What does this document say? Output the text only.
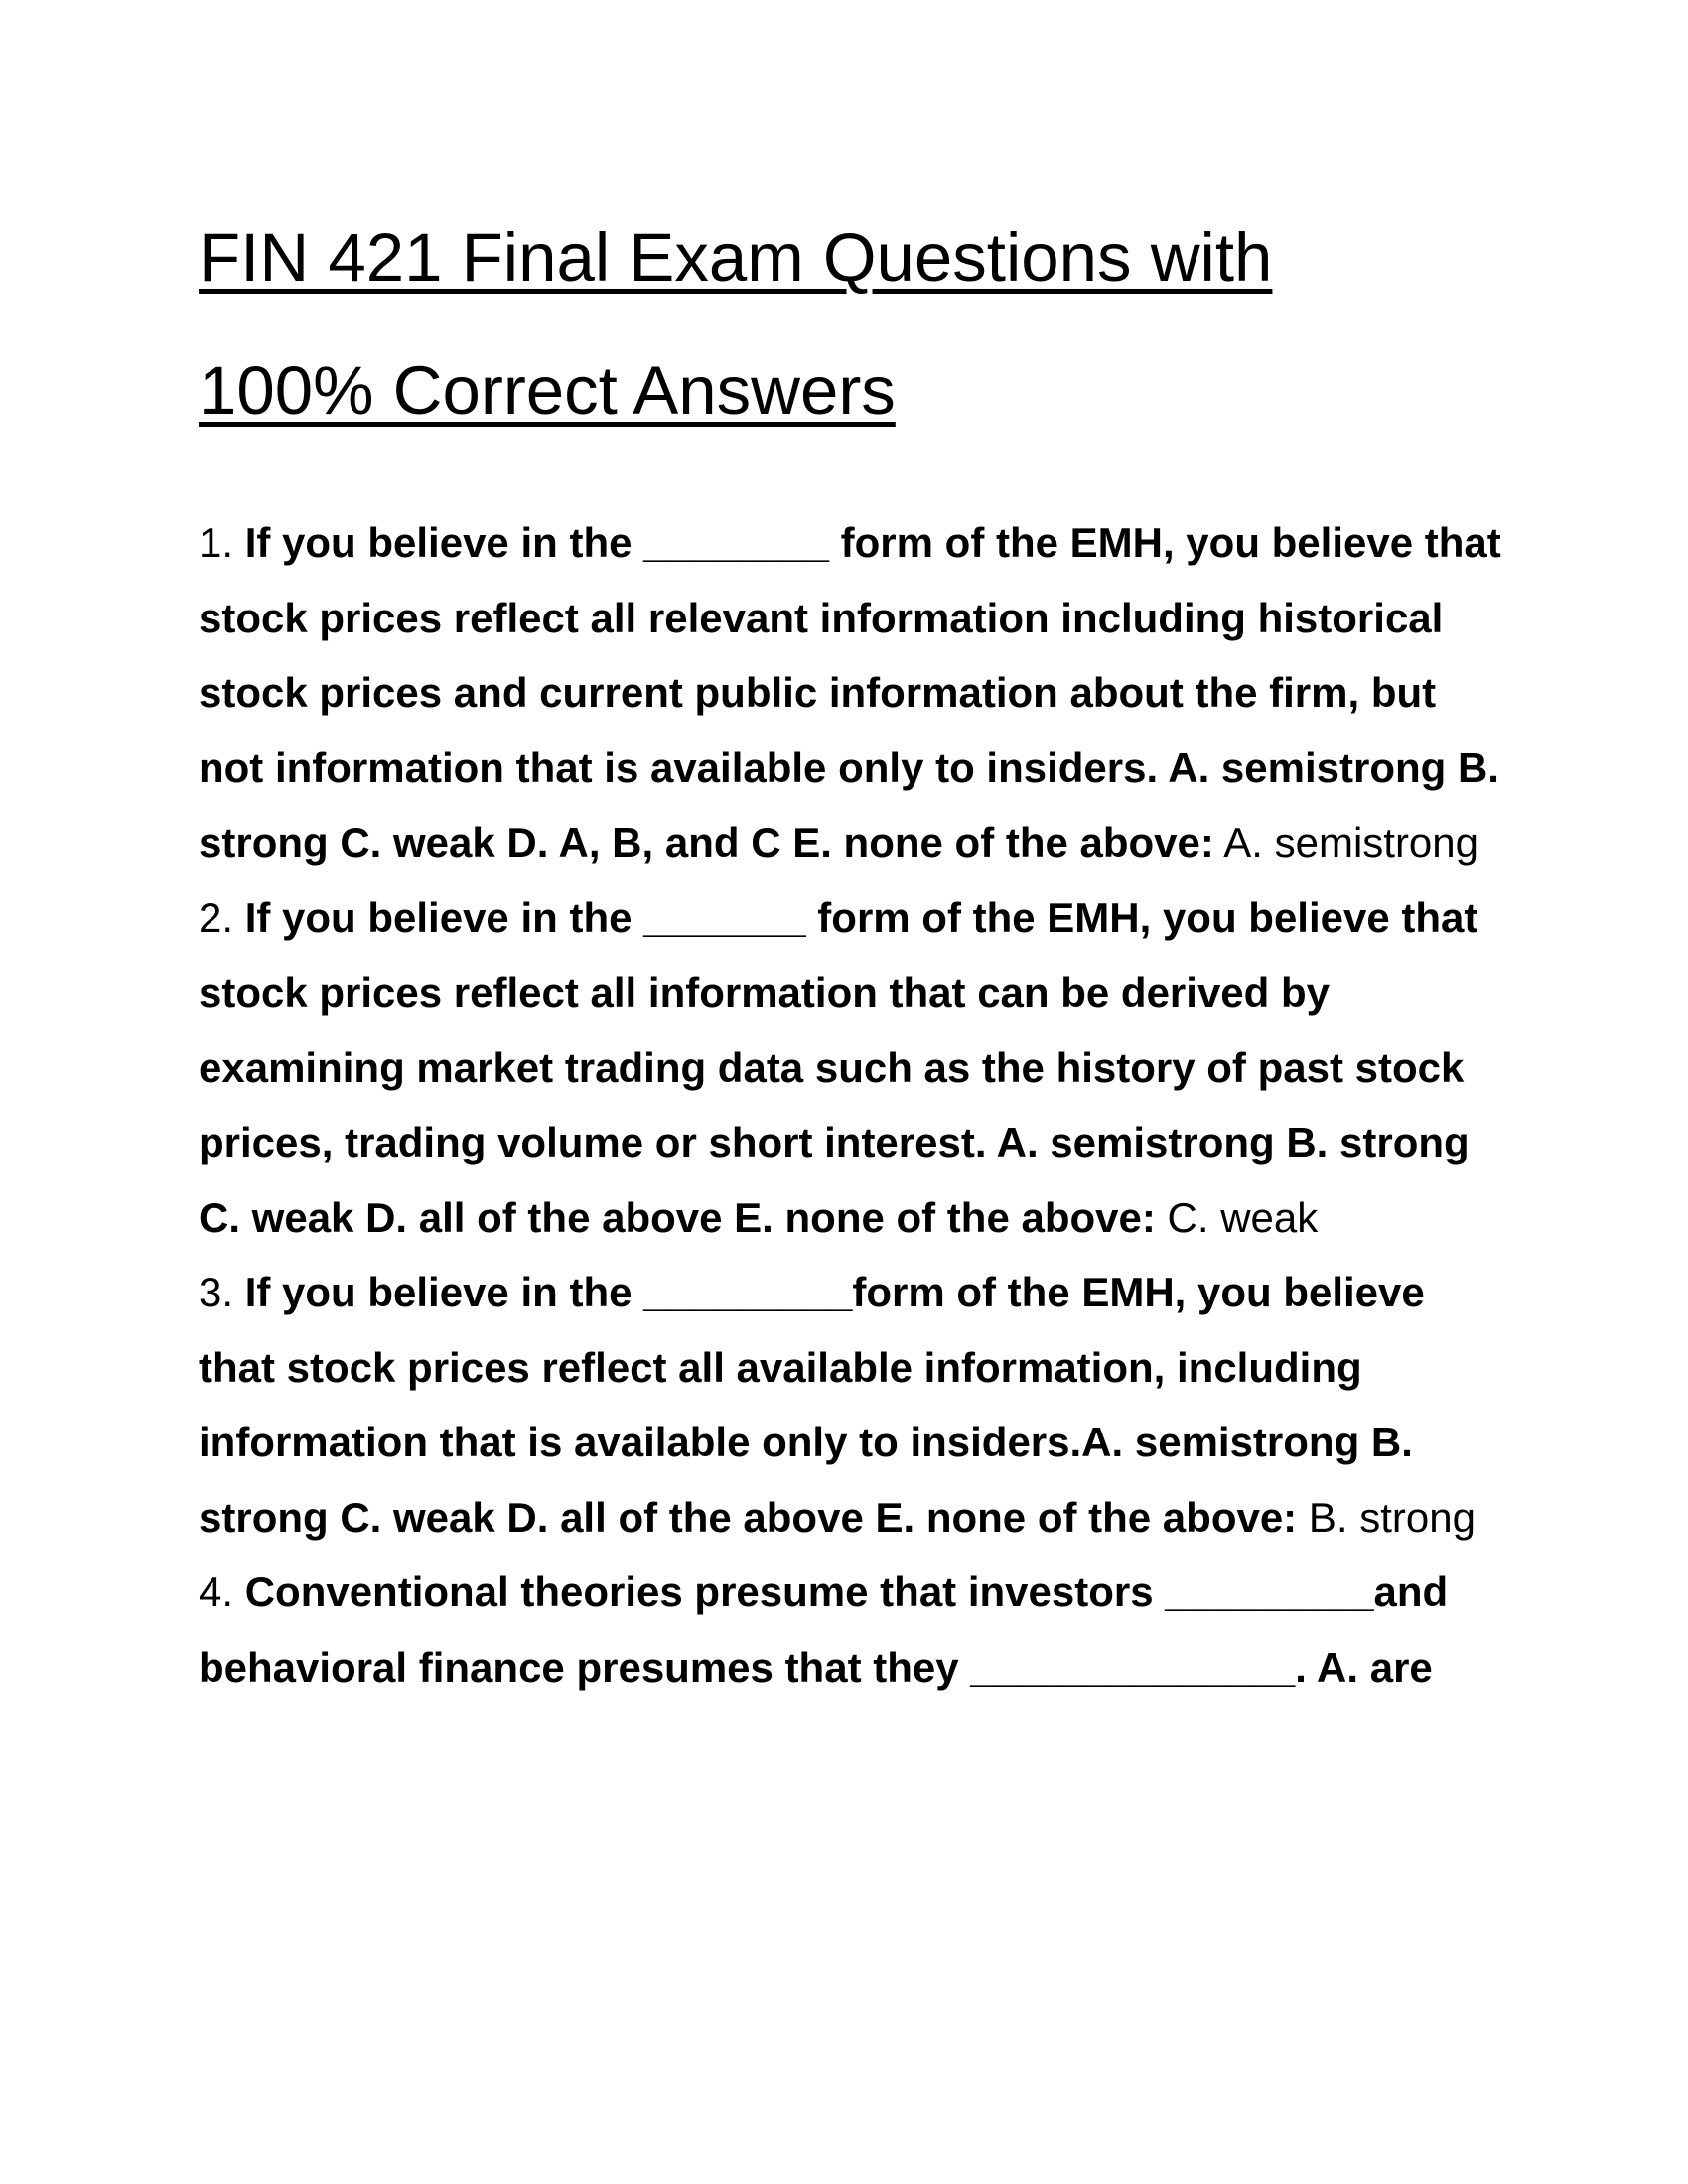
FIN 421 Final Exam Questions with
100% Correct Answers

1. If you believe in the ________ form of the EMH, you believe that stock prices reflect all relevant information including historical stock prices and current public information about the firm, but not information that is available only to insiders. A. semistrong B. strong C. weak D. A, B, and C E. none of the above: A. semistrong

2. If you believe in the _______ form of the EMH, you believe that stock prices reflect all information that can be derived by examining market trading data such as the history of past stock prices, trading volume or short interest. A. semistrong B. strong C. weak D. all of the above E. none of the above: C. weak

3. If you believe in the _________form of the EMH, you believe that stock prices reflect all available information, including information that is available only to insiders.A. semistrong B. strong C. weak D. all of the above E. none of the above: B. strong

4. Conventional theories presume that investors _________and behavioral finance presumes that they ______________. A. are
